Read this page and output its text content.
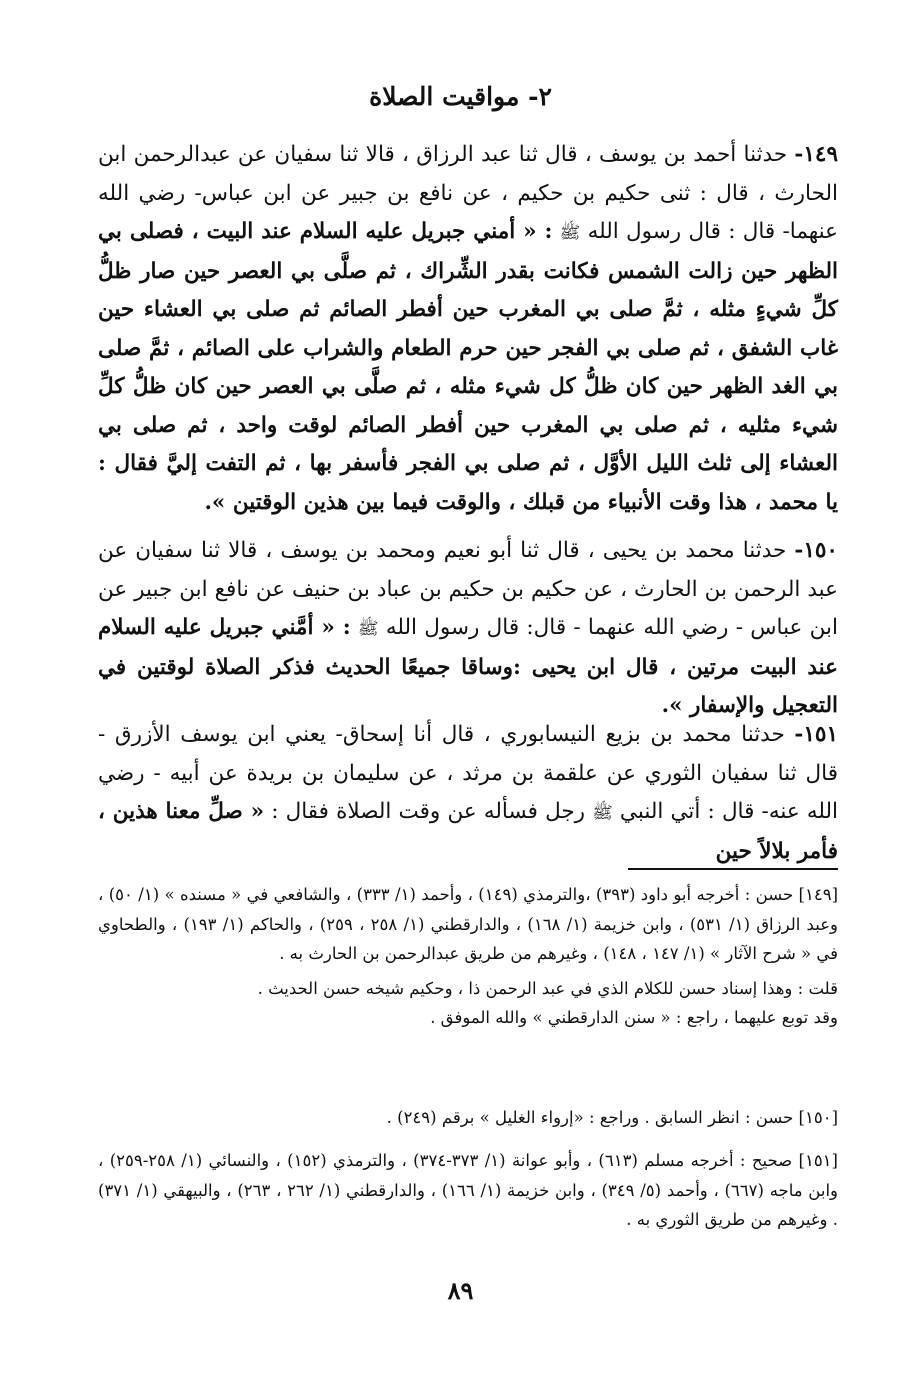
٢- مواقيت الصلاة

١٤٩- حدثنا أحمد بن يوسف ، قال ثنا عبد الرزاق ، قالا ثنا سفيان عن عبدالرحمن ابن الحارث ، قال : ثنى حكيم بن حكيم ، عن نافع بن جبير عن ابن عباس- رضي الله عنهما- قال : قال رسول الله ﷺ : « أمني جبريل عليه السلام عند البيت ، فصلى بي الظهر حين زالت الشمس فكانت بقدر الشِّراك ، ثم صلَّى بي العصر حين صار ظلُّ كلِّ شيءٍ مثله ، ثمَّ صلى بي المغرب حين أفطر الصائم ثم صلى بي العشاء حين غاب الشفق ، ثم صلى بي الفجر حين حرم الطعام والشراب على الصائم ، ثمَّ صلى بي الغد الظهر حين كان ظلُّ كل شيء مثله ، ثم صلَّى بي العصر حين كان ظلُّ كلِّ شيء مثليه ، ثم صلى بي المغرب حين أفطر الصائم لوقت واحد ، ثم صلى بي العشاء إلى ثلث الليل الأوَّل ، ثم صلى بي الفجر فأسفر بها ، ثم التفت إليَّ فقال : يا محمد ، هذا وقت الأنبياء من قبلك ، والوقت فيما بين هذين الوقتين ».

١٥٠- حدثنا محمد بن يحيى ، قال ثنا أبو نعيم ومحمد بن يوسف ، قالا ثنا سفيان عن عبد الرحمن بن الحارث ، عن حكيم بن حكيم بن عباد بن حنيف عن نافع ابن جبير عن ابن عباس - رضي الله عنهما - قال: قال رسول الله ﷺ : « أمَّني جبريل عليه السلام عند البيت مرتين ، قال ابن يحيى :وساقا جميعًا الحديث فذكر الصلاة لوقتين في التعجيل والإسفار ».

١٥١- حدثنا محمد بن بزيع النيسابوري ، قال أنا إسحاق- يعني ابن يوسف الأزرق - قال ثنا سفيان الثوري عن علقمة بن مرثد ، عن سليمان بن بريدة عن أبيه - رضي الله عنه- قال : أتي النبي ﷺ رجل فسأله عن وقت الصلاة فقال : « صلِّ معنا هذين ، فأمر بلالاً حين

[١٤٩] حسن : أخرجه أبو داود (٣٩٣) ،والترمذي (١٤٩) ، وأحمد (١/ ٣٣٣) ، والشافعي في « مسنده » (١/ ٥٠) ، وعبد الرزاق (١/ ٥٣١) ، وابن خزيمة (١/ ١٦٨) ، والدارقطني (١/ ٢٥٨ ، ٢٥٩) ، والحاكم (١/ ١٩٣) ، والطحاوي في « شرح الآثار » (١/ ١٤٧ ، ١٤٨) ، وغيرهم من طريق عبدالرحمن بن الحارث به .

قلت : وهذا إسناد حسن للكلام الذي في عبد الرحمن ذا ، وحكيم شيخه حسن الحديث .

وقد توبع عليهما ، راجع : « سنن الدارقطني » والله الموفق .

[١٥٠] حسن : انظر السابق . وراجع : «إرواء الغليل » برقم (٢٤٩) .

[١٥١] صحيح : أخرجه مسلم (٦١٣) ، وأبو عوانة (١/ ٣٧٣-٣٧٤) ، والترمذي (١٥٢) ، والنسائي (١/ ٢٥٨-٢٥٩) ، وابن ماجه (٦٦٧) ، وأحمد (٥/ ٣٤٩) ، وابن خزيمة (١/ ١٦٦) ، والدارقطني (١/ ٢٦٢ ، ٢٦٣) ، والبيهقي (١/ ٣٧١) . وغيرهم من طريق الثوري به .

٨٩
